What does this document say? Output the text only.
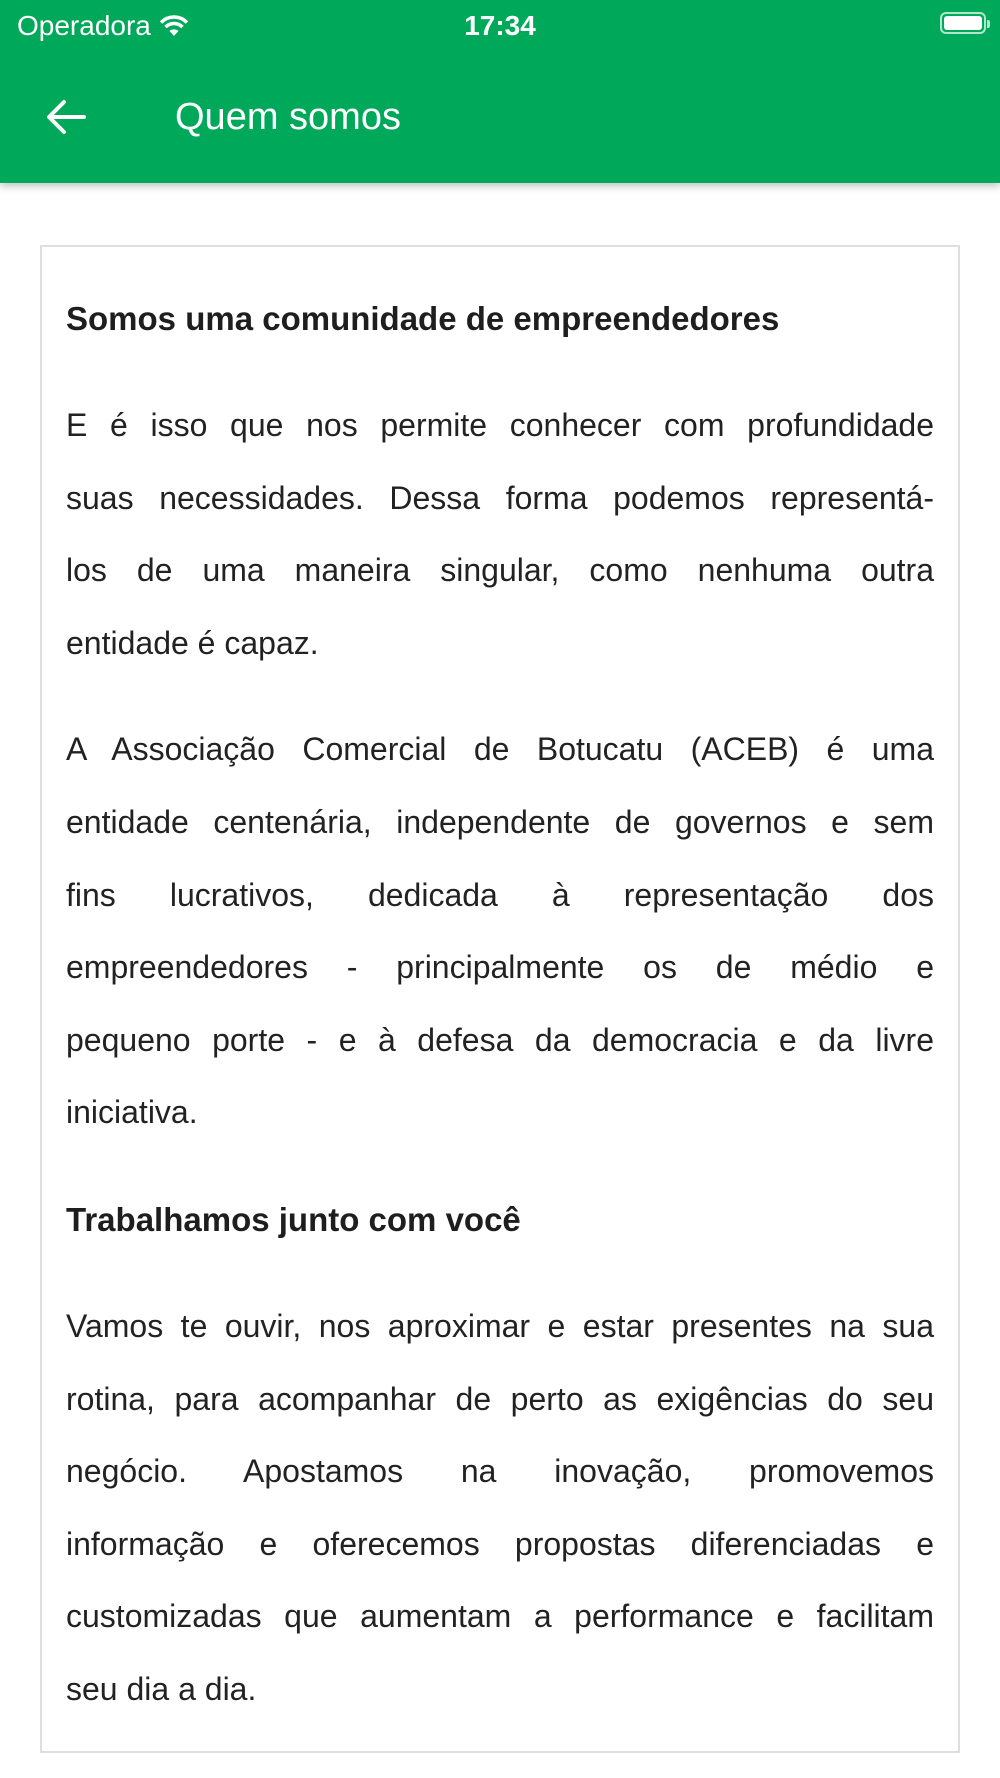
Operadora	17:34
Quem somos
Somos uma comunidade de empreendedores
E é isso que nos permite conhecer com profundidade
suas necessidades. Dessa forma podemos representá-
los de uma maneira singular, como nenhuma outra
entidade é capaz.
A Associação Comercial de Botucatu (ACEB) é uma
entidade centenária, independente de governos e sem
fins lucrativos, dedicada à representação dos
empreendedores - principalmente os de médio e
pequeno porte - e à defesa da democracia e da livre
iniciativa.
Trabalhamos junto com você
Vamos te ouvir, nos aproximar e estar presentes na sua
rotina, para acompanhar de perto as exigências do seu
negócio. Apostamos na inovação, promovemos
informação e oferecemos propostas diferenciadas e
customizadas que aumentam a performance e facilitam
seu dia a dia.
